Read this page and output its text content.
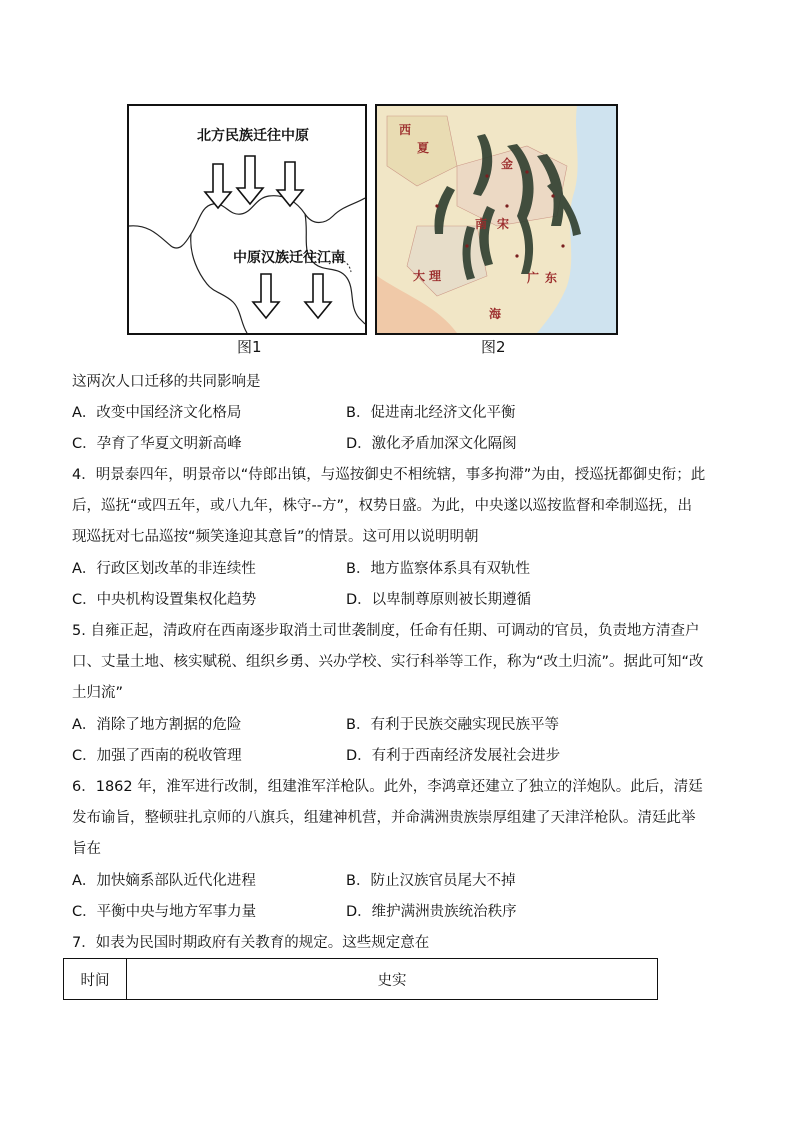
北方民族迁往中原
中原汉族迁往江南
西
夏
金
南
大 理	广 东
海
宋
图1	图2
这两次人口迁移的共同影响是
A．改变中国经济文化格局	B．促进南北经济文化平衡
C．孕育了华夏文明新高峰	D．激化矛盾加深文化隔阂
4．明景泰四年，明景帝以“侍郎出镇，与巡按御史不相统辖，事多拘滞”为由，授巡抚都御史衔；此
后，巡抚“或四五年，或八九年，株守--方”，权势日盛。为此，中央遂以巡按监督和牵制巡抚，出
现巡抚对七品巡按“频笑逢迎其意旨”的情景。这可用以说明明朝
A．行政区划改革的非连续性	B．地方监察体系具有双轨性
C．中央机构设置集权化趋势	D．以卑制尊原则被长期遵循
5. 自雍正起，清政府在西南逐步取消土司世袭制度，任命有任期、可调动的官员，负责地方清查户
口、丈量土地、核实赋税、组织乡勇、兴办学校、实行科举等工作，称为“改土归流”。据此可知“改
土归流”
A．消除了地方割据的危险	B．有利于民族交融实现民族平等
C．加强了西南的税收管理	D．有利于西南经济发展社会进步
6．1862 年，淮军进行改制，组建淮军洋枪队。此外，李鸿章还建立了独立的洋炮队。此后，清廷
发布谕旨，整顿驻扎京师的八旗兵，组建神机营，并命满洲贵族崇厚组建了天津洋枪队。清廷此举
旨在
A．加快嫡系部队近代化进程	B．防止汉族官员尾大不掉
C．平衡中央与地方军事力量	D．维护满洲贵族统治秩序
7．如表为民国时期政府有关教育的规定。这些规定意在
时间	史实
